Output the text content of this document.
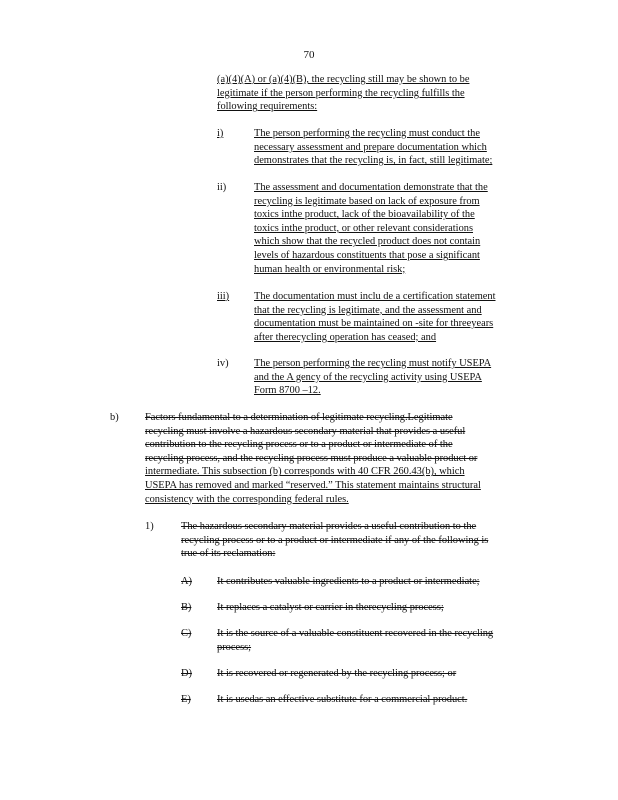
70
(a)(4)(A) or (a)(4)(B), the recycling still may be shown to be
legitimate if the person performing the recycling fulfills the
following requirements:
i)	The person performing the recycling must conduct the
necessary assessment and prepare documentation which
demonstrates that the recycling is, in fact, still legitimate;
ii)	The assessment and documentation demonstrate that the
recycling is legitimate based on lack of exposure from
toxics inthe product, lack of the bioavailability of the
toxics inthe product, or other relevant considerations
which show that the recycled product does not contain
levels of hazardous constituents that pose a significant
human health or environmental risk;
iii) The documentation must inclu de a certification statement
that the recycling is legitimate, and the assessment and
documentation must be maintained on -site for threeyears
after therecycling operation has ceased; and
iv) The person performing the recycling must notify USEPA
and the A gency of the recycling activity using USEPA
Form 8700 –12.
b)	Factors fundamental to a determination of legitimate recycling.Legitimate
recycling must involve a hazardous secondary material that provides a useful
contribution to the recycling process or to a product or intermediate of the
recycling process, and the recycling process must produce a valuable product or
intermediate. This subsection (b) corresponds with 40 CFR 260.43(b), which
USEPA has removed and marked “reserved.” This statement maintains structural
consistency with the corresponding federal rules.
1)	The hazardous secondary material provides a useful contribution to the
recycling process or to a product or intermediate if any of the following is
true of its reclamation:
A) It contributes valuable ingredients to a product or intermediate;
B) It replaces a catalyst or carrier in therecycling process;
C) It is the source of a valuable constituent recovered in the recycling
process;
D) It is recovered or regenerated by the recycling process; or
E)	It is usedas an effective substitute for a commercial product.
